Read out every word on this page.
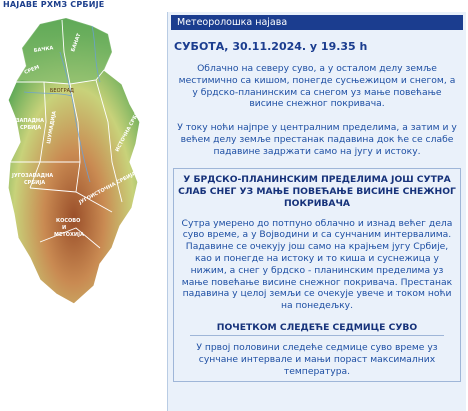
НАЈАВЕ РХМЗ СРБИЈЕ
БАЧКА
СРЕМ
БАНАТ
БЕОГРАД
ЗАПАДНА
СРБИЈА ШУМАДИЈА	ИСТОЧНА СРБИЈА
ЈУГОЗАПАДНА
СРБИЈА	ЈУГОИСТОЧНА СРБИЈА
КОСОВО
И
МЕТОХИЈА
Метеоролошка најава
СУБОТА, 30.11.2024. у 19.35 h
Облачно на северу суво, а у осталом делу земље местимично са кишом, понегде сусњежицом и снегом, а у брдско-планинским са снегом уз мање повећање висине снежног покривача.
У току ноћи најпре у централним пределима, а затим и у већем делу земље престанак падавина док ће се слабе падавине задржати само на југу и истоку.
У БРДСКО-ПЛАНИНСКИМ ПРЕДЕЛИМА ЈОШ СУТРА СЛАБ СНЕГ УЗ МАЊЕ ПОВЕЋАЊЕ ВИСИНЕ СНЕЖНОГ ПОКРИВАЧА
Сутра умерено до потпуно облачно и изнад већег дела суво време, а у Војводини и са сунчаним интервалима. Падавине се очекују још само на крајњем југу Србије, као и понегде на истоку и то киша и суснежица у нижим, а снег у брдско - планинским пределима уз мање повећање висине снежног покривача. Престанак падавина у целој земљи се очекује увече и током ноћи на понедељку.
ПОЧЕТКОМ СЛЕДЕЋЕ СЕДМИЦЕ СУВО
У првој половини следеће седмице суво време уз сунчане интервале и мањи пораст максималних температура.
